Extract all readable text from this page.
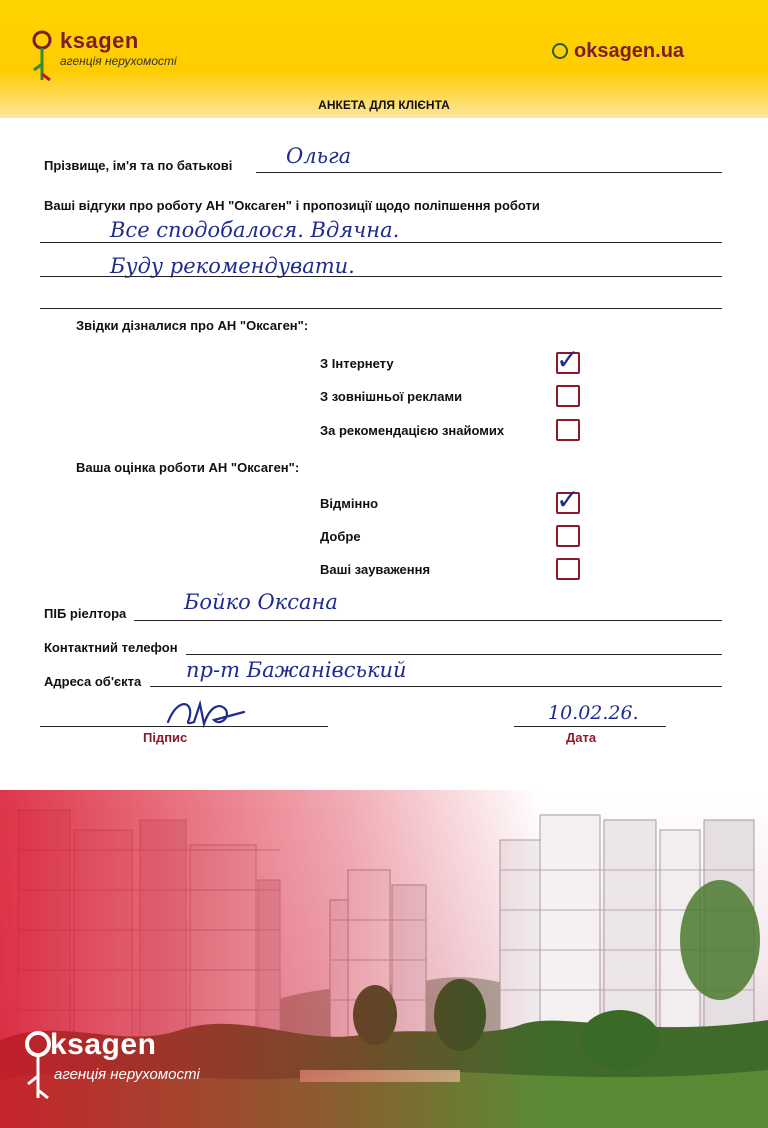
ksagen
агенція нерухомості	oksagen.ua
АНКЕТА ДЛЯ КЛІЄНТА
Прізвище, ім'я та по батькові	Ольга
Ваші відгуки про роботу АН "Оксаген" і пропозиції щодо поліпшення роботи
Все сподобалося. Вдячна.
Буду рекомендувати.
Звідки дізналися про АН "Оксаген":
З Інтернету	✓
З зовнішньої реклами
За рекомендацією знайомих
Ваша оцінка роботи АН "Оксаген":
Відмінно	✓
Добре
Ваші зауваження
ПІБ ріелтора	Бойко Оксана
Контактний телефон
Адреса об'єкта пр-т Бажанівський
Підпис
10.02.26.
Дата
ksagen
агенція нерухомості
